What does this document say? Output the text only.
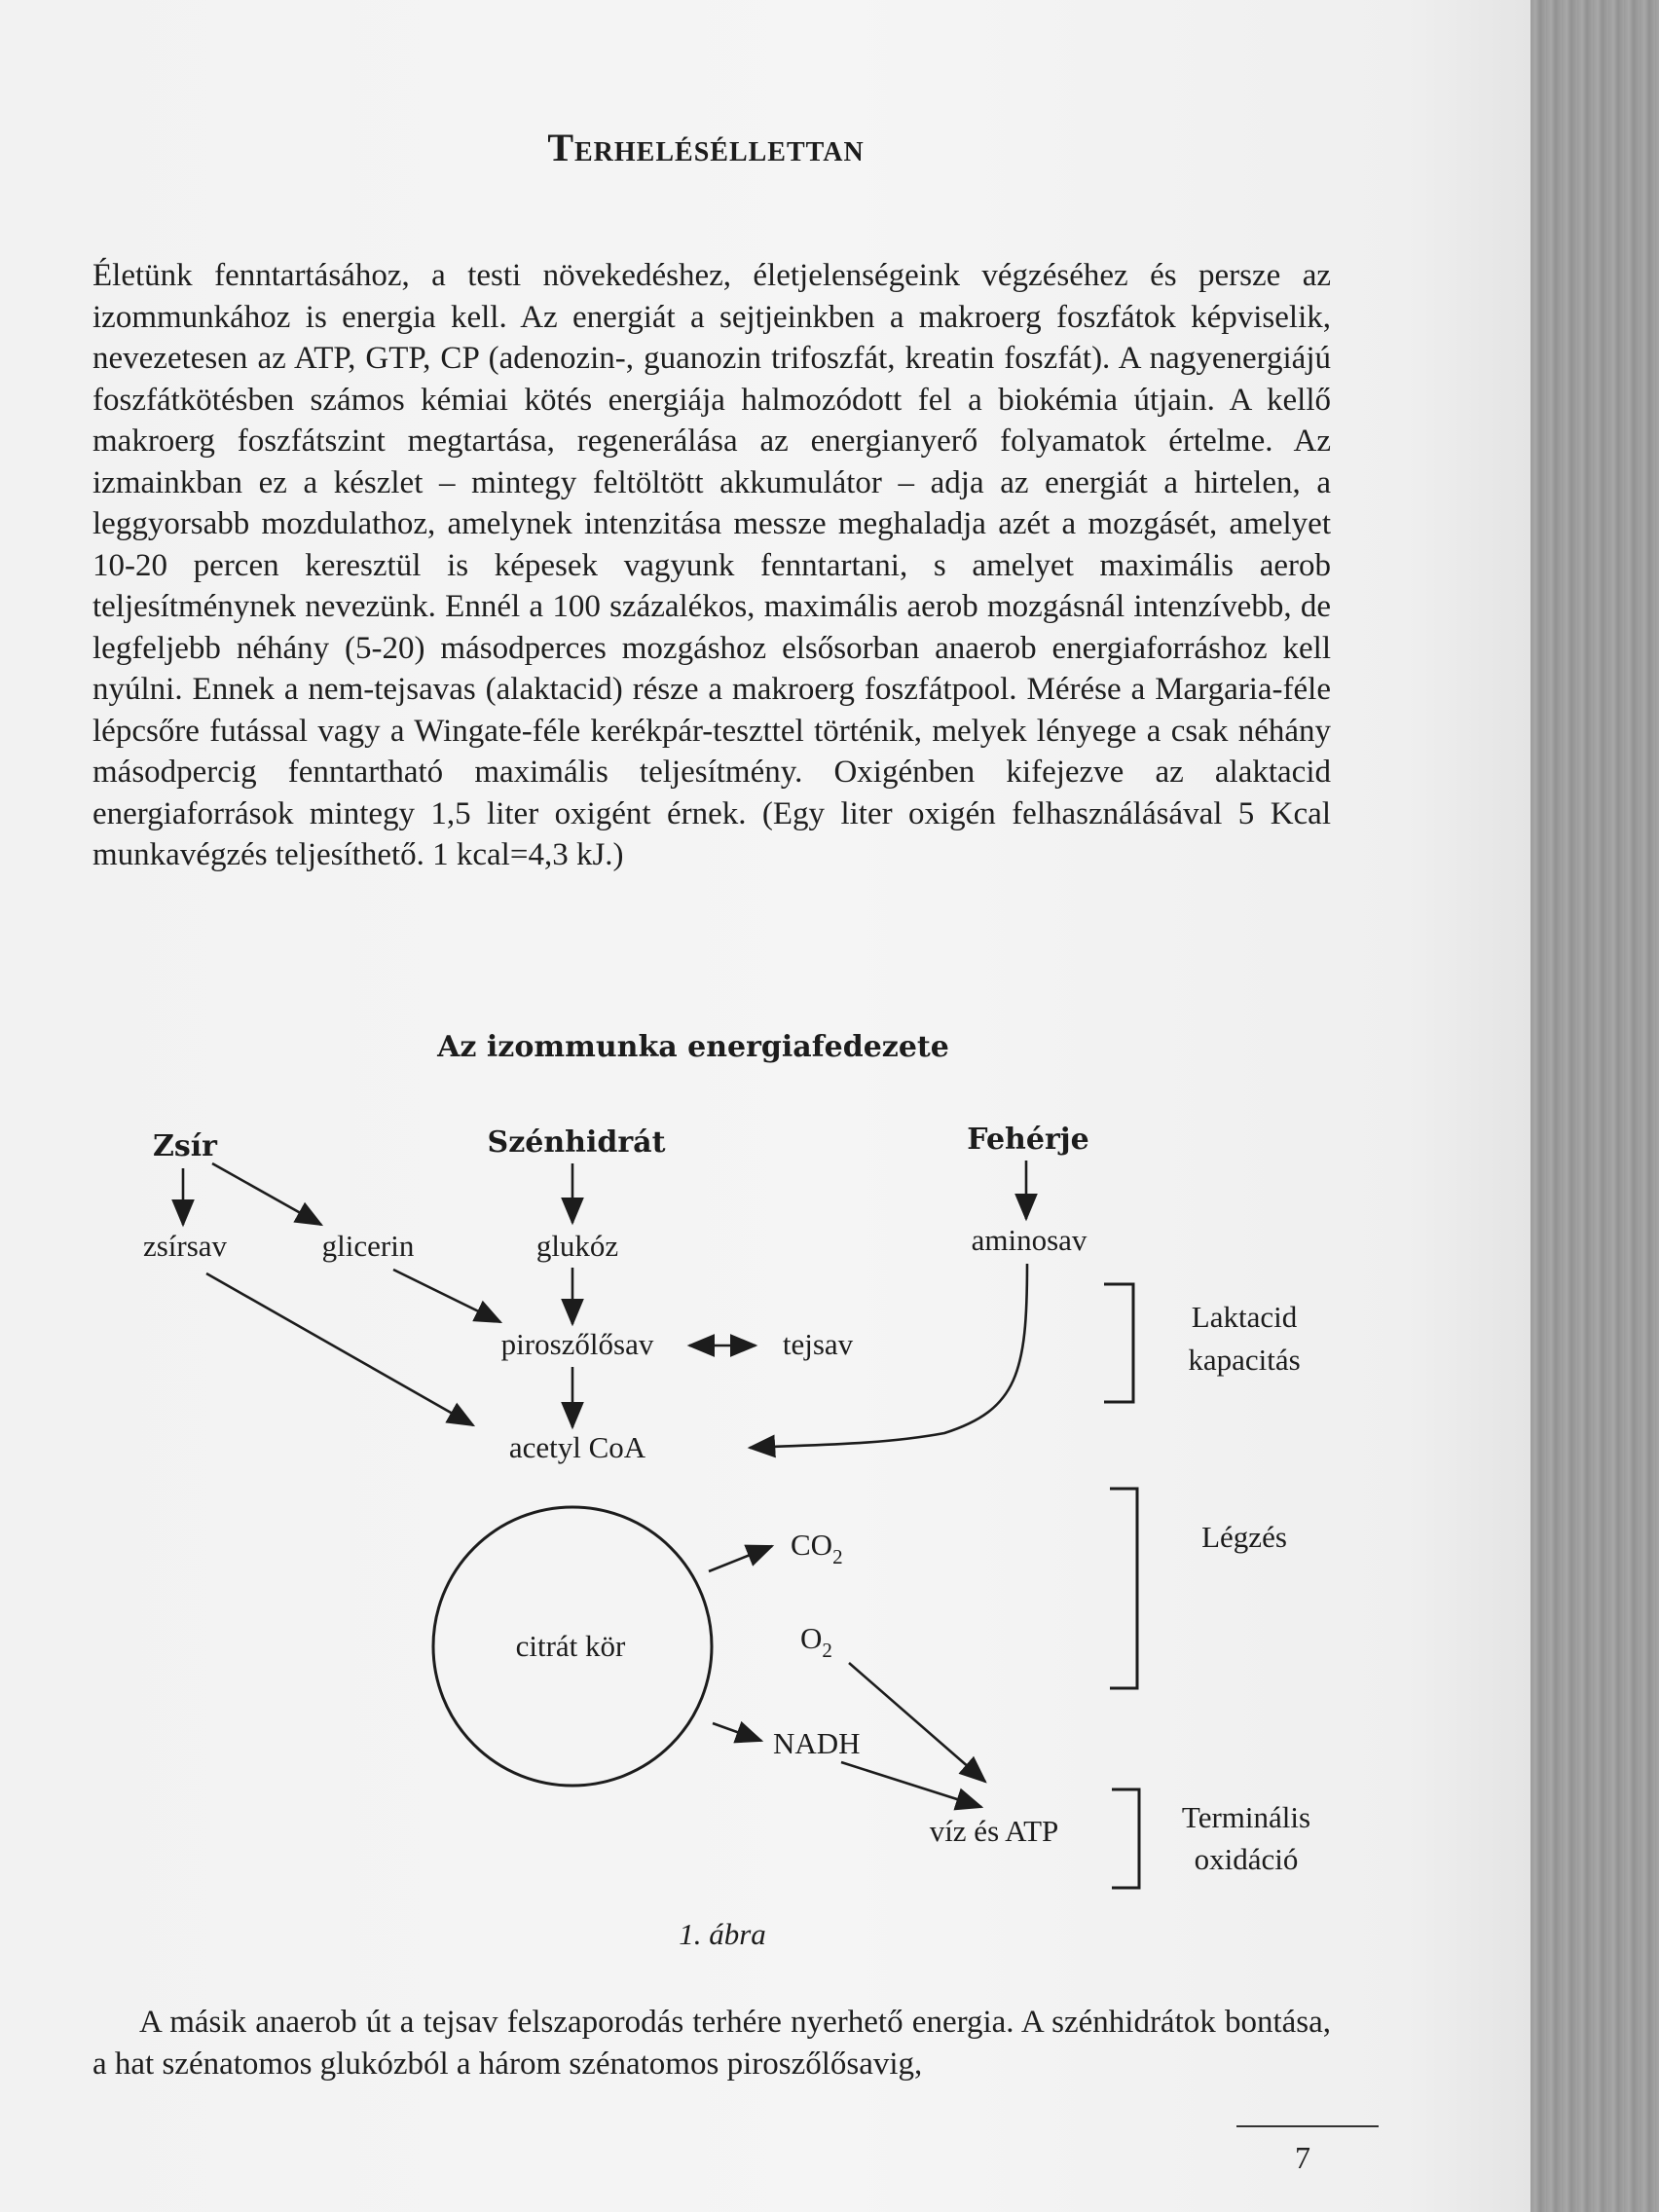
Terheléséllettan

Életünk fenntartásához, a testi növekedéshez, életjelenségeink végzéséhez és persze az izommunkához is energia kell. Az energiát a sejtjeinkben a makroerg foszfátok képviselik, nevezetesen az ATP, GTP, CP (adenozin-, guanozin trifoszfát, kreatin foszfát). A nagyenergiájú foszfátkötésben számos kémiai kötés energiája halmozódott fel a biokémia útjain. A kellő makroerg foszfátszint megtartása, regenerálása az energianyerő folyamatok értelme. Az izmainkban ez a készlet – mintegy feltöltött akkumulátor – adja az energiát a hirtelen, a leggyorsabb mozdulathoz, amelynek intenzitása messze meghaladja azét a mozgásét, amelyet 10-20 percen keresztül is képesek vagyunk fenntartani, s amelyet maximális aerob teljesítménynek nevezünk. Ennél a 100 százalékos, maximális aerob mozgásnál intenzívebb, de legfeljebb néhány (5-20) másodperces mozgáshoz elsősorban anaerob energiaforráshoz kell nyúlni. Ennek a nem-tejsavas (alaktacid) része a makroerg foszfátpool. Mérése a Margaria-féle lépcsőre futással vagy a Wingate-féle kerékpár-teszttel történik, melyek lényege a csak néhány másodpercig fenntartható maximális teljesítmény. Oxigénben kifejezve az alaktacid energiaforrások mintegy 1,5 liter oxigént érnek. (Egy liter oxigén felhasználásával 5 Kcal munkavégzés teljesíthető. 1 kcal=4,3 kJ.)

Az izommunka energiafedezete
Zsír	Szénhidrát	Fehérje
zsírsav	glicerin	glukóz	aminosav
piroszőlősav	tejsav
acetyl CoA
citrát kör
$CO_2$
$O_2$
NADH
víz és ATP
Laktacid
kapacitás
Légzés
Terminális
oxidáció
1. ábra

A másik anaerob út a tejsav felszaporodás terhére nyerhető energia. A szénhidrátok bontása, a hat szénatomos glukózból a három szénatomos piroszőlősavig,

7
